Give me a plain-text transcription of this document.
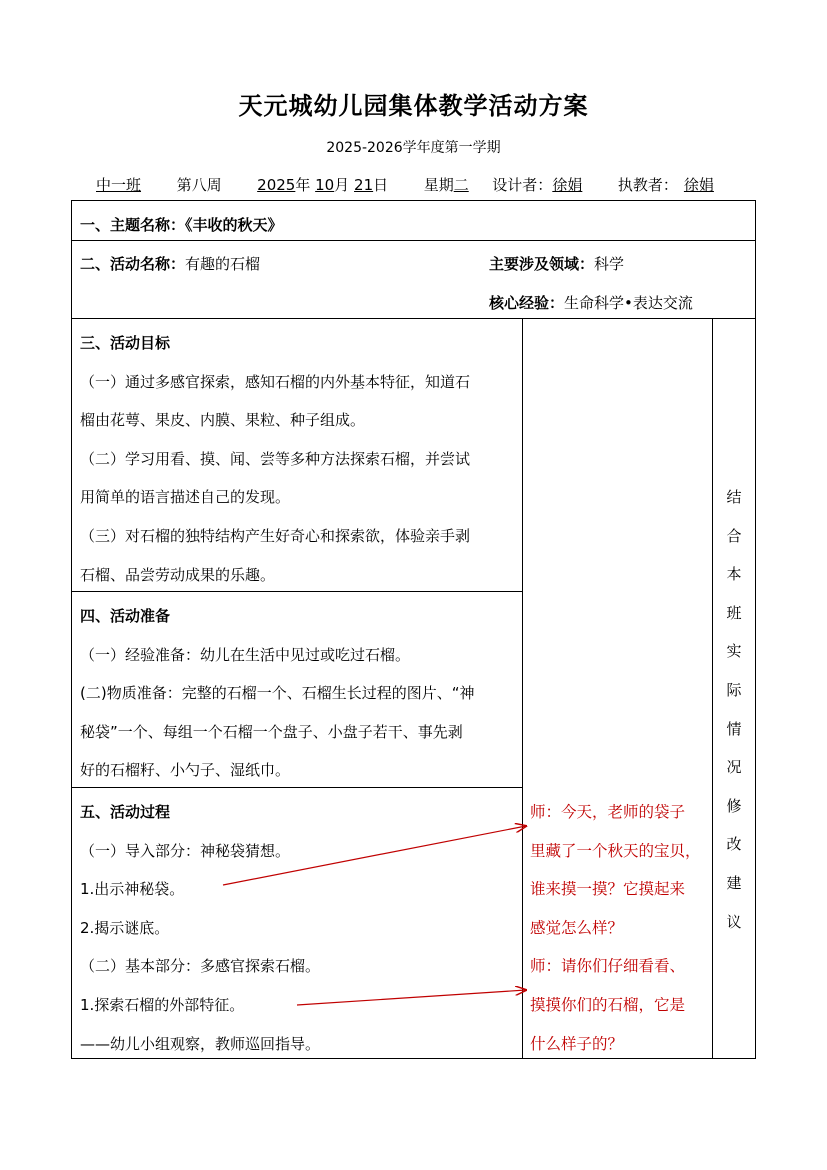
天元城幼儿园集体教学活动方案
2025-2026学年度第一学期
中一班 第八周 2025年 10月 21日 星期二 设计者：徐娟 执教者： 徐娟
一、主题名称：《丰收的秋天》
二、活动名称：有趣的石榴	主要涉及领域：科学
核心经验：生命科学•表达交流
三、活动目标
（一）通过多感官探索，感知石榴的内外基本特征，知道石
榴由花萼、果皮、内膜、果粒、种子组成。
（二）学习用看、摸、闻、尝等多种方法探索石榴，并尝试
用简单的语言描述自己的发现。
（三）对石榴的独特结构产生好奇心和探索欲，体验亲手剥
石榴、品尝劳动成果的乐趣。
四、活动准备
（一）经验准备：幼儿在生活中见过或吃过石榴。
(二)物质准备：完整的石榴一个、石榴生长过程的图片、“神
秘袋”一个、每组一个石榴一个盘子、小盘子若干、事先剥
好的石榴籽、小勺子、湿纸巾。
五、活动过程
（一）导入部分：神秘袋猜想。
1.出示神秘袋。
2.揭示谜底。
（二）基本部分：多感官探索石榴。
1.探索石榴的外部特征。
——幼儿小组观察，教师巡回指导。
师：今天，老师的袋子
里藏了一个秋天的宝贝，
谁来摸一摸？它摸起来
感觉怎么样？
师：请你们仔细看看、
摸摸你们的石榴，它是
什么样子的？
结
合
本
班
实
际
情
况
修
改
建
议
